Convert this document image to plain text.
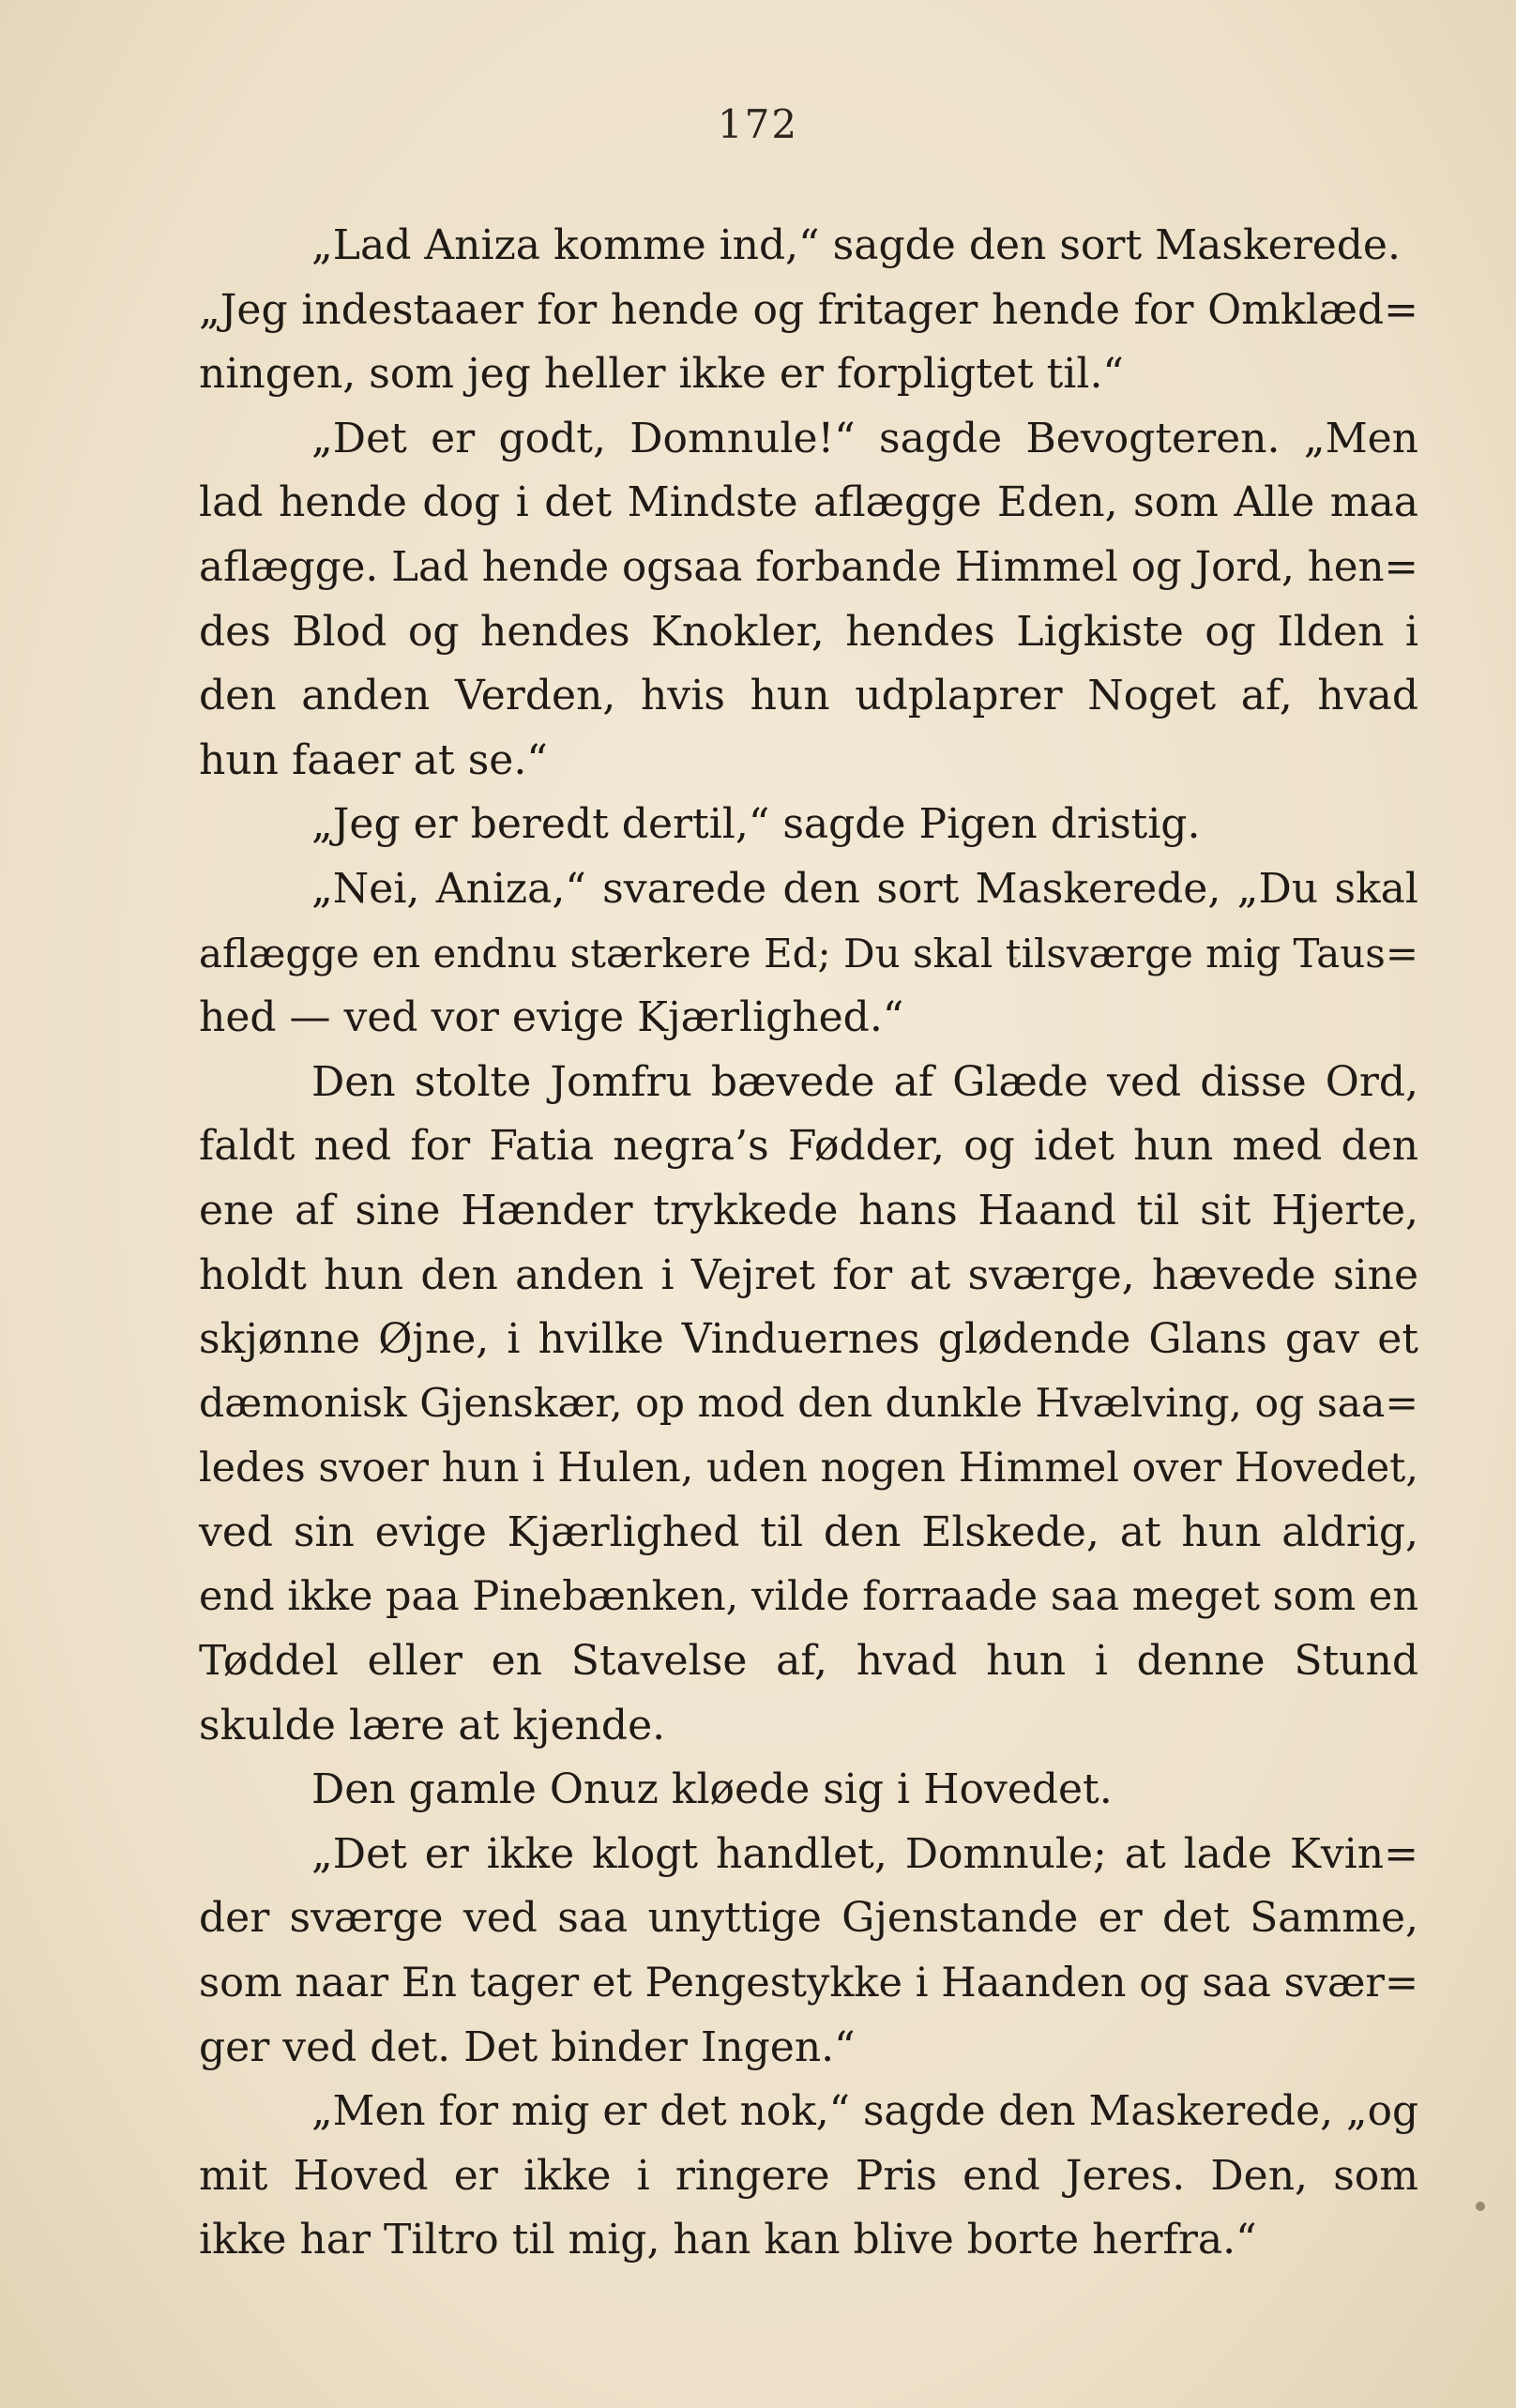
172
„Lad Aniza komme ind,“ sagde den sort Maskerede.
„Jeg indestaaer for hende og fritager hende for Omklæd=
ningen, som jeg heller ikke er forpligtet til.“
„Det er godt, Domnule!“ sagde Bevogteren. „Men
lad hende dog i det Mindste aflægge Eden, som Alle maa
aflægge. Lad hende ogsaa forbande Himmel og Jord, hen=
des Blod og hendes Knokler, hendes Ligkiste og Ilden i
den anden Verden, hvis hun udplaprer Noget af, hvad
hun faaer at se.“
„Jeg er beredt dertil,“ sagde Pigen dristig.
„Nei, Aniza,“ svarede den sort Maskerede, „Du skal
aflægge en endnu stærkere Ed; Du skal tilsværge mig Taus=
hed — ved vor evige Kjærlighed.“
Den stolte Jomfru bævede af Glæde ved disse Ord,
faldt ned for Fatia negra’s Fødder, og idet hun med den
ene af sine Hænder trykkede hans Haand til sit Hjerte,
holdt hun den anden i Vejret for at sværge, hævede sine
skjønne Øjne, i hvilke Vinduernes glødende Glans gav et
dæmonisk Gjenskær, op mod den dunkle Hvælving, og saa=
ledes svoer hun i Hulen, uden nogen Himmel over Hovedet,
ved sin evige Kjærlighed til den Elskede, at hun aldrig,
end ikke paa Pinebænken, vilde forraade saa meget som en
Tøddel eller en Stavelse af, hvad hun i denne Stund
skulde lære at kjende.
Den gamle Onuz kløede sig i Hovedet.
„Det er ikke klogt handlet, Domnule; at lade Kvin=
der sværge ved saa unyttige Gjenstande er det Samme,
som naar En tager et Pengestykke i Haanden og saa svær=
ger ved det. Det binder Ingen.“
„Men for mig er det nok,“ sagde den Maskerede, „og
mit Hoved er ikke i ringere Pris end Jeres. Den, som
ikke har Tiltro til mig, han kan blive borte herfra.“
